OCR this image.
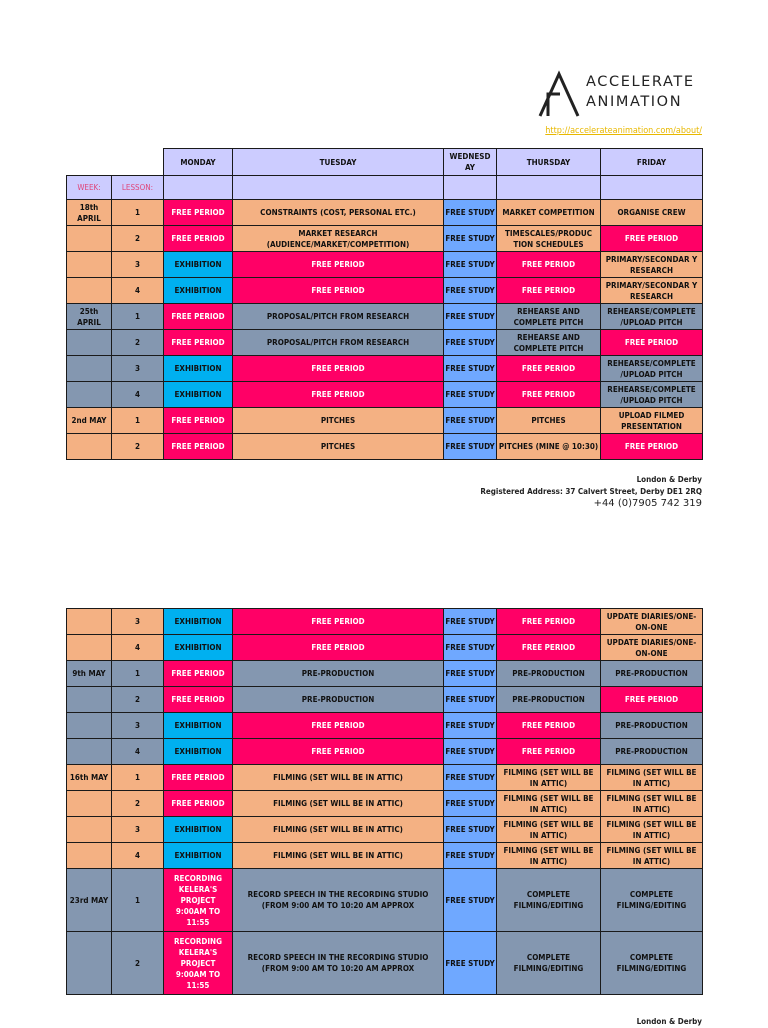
ACCELERATE
ANIMATION
http://accelerateanimation.com/about/
		MONDAY	TUESDAY	WEDNESD AY	THURSDAY	FRIDAY
WEEK:	LESSON:					
18th APRIL	1	FREE PERIOD	CONSTRAINTS (COST, PERSONAL ETC.)	FREE STUDY	MARKET COMPETITION	ORGANISE CREW
	2	FREE PERIOD	MARKET RESEARCH (AUDIENCE/MARKET/COMPETITION)	FREE STUDY	TIMESCALES/PRODUC TION SCHEDULES	FREE PERIOD
	3	EXHIBITION	FREE PERIOD	FREE STUDY	FREE PERIOD	PRIMARY/SECONDAR Y RESEARCH
	4	EXHIBITION	FREE PERIOD	FREE STUDY	FREE PERIOD	PRIMARY/SECONDAR Y RESEARCH
25th APRIL	1	FREE PERIOD	PROPOSAL/PITCH FROM RESEARCH	FREE STUDY	REHEARSE AND COMPLETE PITCH	REHEARSE/COMPLETE /UPLOAD PITCH
	2	FREE PERIOD	PROPOSAL/PITCH FROM RESEARCH	FREE STUDY	REHEARSE AND COMPLETE PITCH	FREE PERIOD
	3	EXHIBITION	FREE PERIOD	FREE STUDY	FREE PERIOD	REHEARSE/COMPLETE /UPLOAD PITCH
	4	EXHIBITION	FREE PERIOD	FREE STUDY	FREE PERIOD	REHEARSE/COMPLETE /UPLOAD PITCH
2nd MAY	1	FREE PERIOD	PITCHES	FREE STUDY	PITCHES	UPLOAD FILMED PRESENTATION
	2	FREE PERIOD	PITCHES	FREE STUDY	PITCHES (MINE @ 10:30)	FREE PERIOD
London & Derby
Registered Address: 37 Calvert Street, Derby DE1 2RQ
+44 (0)7905 742 319
	3	EXHIBITION	FREE PERIOD	FREE STUDY	FREE PERIOD	UPDATE DIARIES/ONE-ON-ONE
	4	EXHIBITION	FREE PERIOD	FREE STUDY	FREE PERIOD	UPDATE DIARIES/ONE-ON-ONE
9th MAY	1	FREE PERIOD	PRE-PRODUCTION	FREE STUDY	PRE-PRODUCTION	PRE-PRODUCTION
	2	FREE PERIOD	PRE-PRODUCTION	FREE STUDY	PRE-PRODUCTION	FREE PERIOD
	3	EXHIBITION	FREE PERIOD	FREE STUDY	FREE PERIOD	PRE-PRODUCTION
	4	EXHIBITION	FREE PERIOD	FREE STUDY	FREE PERIOD	PRE-PRODUCTION
16th MAY	1	FREE PERIOD	FILMING (SET WILL BE IN ATTIC)	FREE STUDY	FILMING (SET WILL BE IN ATTIC)	FILMING (SET WILL BE IN ATTIC)
	2	FREE PERIOD	FILMING (SET WILL BE IN ATTIC)	FREE STUDY	FILMING (SET WILL BE IN ATTIC)	FILMING (SET WILL BE IN ATTIC)
	3	EXHIBITION	FILMING (SET WILL BE IN ATTIC)	FREE STUDY	FILMING (SET WILL BE IN ATTIC)	FILMING (SET WILL BE IN ATTIC)
	4	EXHIBITION	FILMING (SET WILL BE IN ATTIC)	FREE STUDY	FILMING (SET WILL BE IN ATTIC)	FILMING (SET WILL BE IN ATTIC)
23rd MAY	1	RECORDING KELERA'S PROJECT 9:00AM TO 11:55	RECORD SPEECH IN THE RECORDING STUDIO (FROM 9:00 AM TO 10:20 AM APPROX	FREE STUDY	COMPLETE FILMING/EDITING	COMPLETE FILMING/EDITING
	2	RECORDING KELERA'S PROJECT 9:00AM TO 11:55	RECORD SPEECH IN THE RECORDING STUDIO (FROM 9:00 AM TO 10:20 AM APPROX	FREE STUDY	COMPLETE FILMING/EDITING	COMPLETE FILMING/EDITING
London & Derby
